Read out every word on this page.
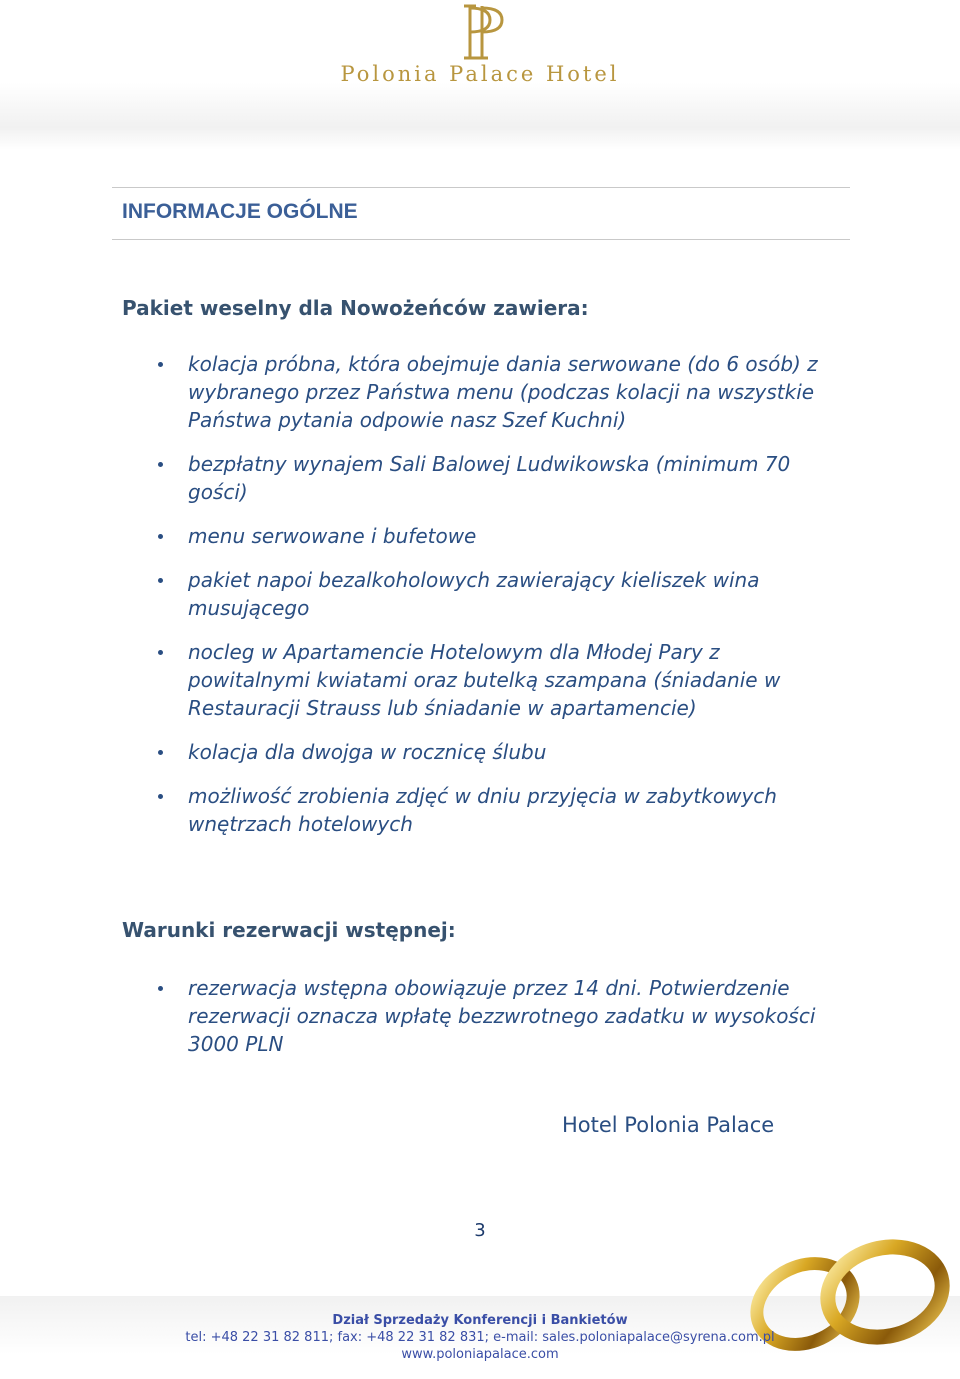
Polonia Palace Hotel
INFORMACJE OGÓLNE
Pakiet weselny dla Nowożeńców zawiera:
kolacja próbna, która obejmuje dania serwowane (do 6 osób) z wybranego przez Państwa menu (podczas kolacji na wszystkie Państwa pytania odpowie nasz Szef Kuchni)
bezpłatny wynajem Sali Balowej Ludwikowska (minimum 70 gości)
menu serwowane i bufetowe
pakiet napoi bezalkoholowych zawierający kieliszek wina musującego
nocleg w Apartamencie Hotelowym dla Młodej Pary z powitalnymi kwiatami oraz butelką szampana (śniadanie w Restauracji Strauss lub śniadanie w apartamencie)
kolacja dla dwojga w rocznicę ślubu
możliwość zrobienia zdjęć w dniu przyjęcia w zabytkowych wnętrzach hotelowych
Warunki rezerwacji wstępnej:
rezerwacja wstępna obowiązuje przez 14 dni. Potwierdzenie rezerwacji oznacza wpłatę bezzwrotnego zadatku w wysokości 3000 PLN
Hotel Polonia Palace
3
Dział Sprzedaży Konferencji i Bankietów
tel: +48 22 31 82 811; fax: +48 22 31 82 831; e-mail: sales.poloniapalace@syrena.com.pl
www.poloniapalace.com
